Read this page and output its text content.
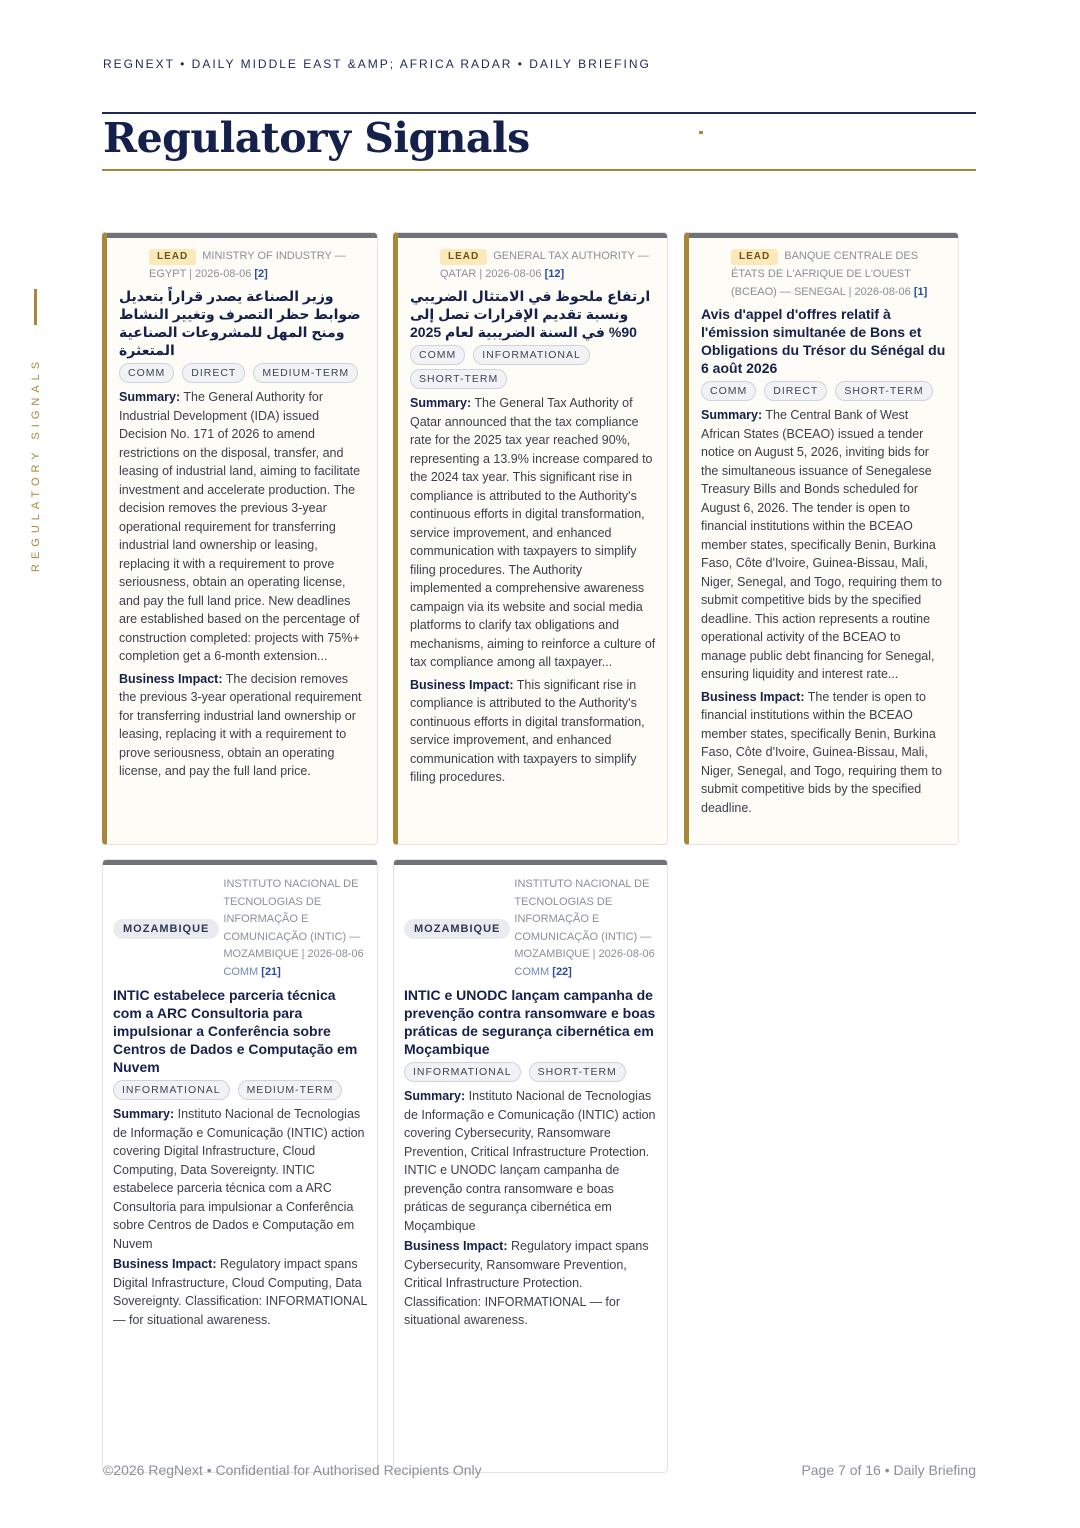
REGNEXT • DAILY MIDDLE EAST &AMP; AFRICA RADAR • DAILY BRIEFING
Regulatory Signals
REGULATORY SIGNALS
LEAD MINISTRY OF INDUSTRY — EGYPT | 2026-08-06 [2]
وزير الصناعة يصدر قراراً بتعديل ضوابط حظر التصرف وتغيير النشاط ومنح المهل للمشروعات الصناعية المتعثرة
COMM	DIRECT	MEDIUM-TERM
Summary: The General Authority for Industrial Development (IDA) issued Decision No. 171 of 2026 to amend restrictions on the disposal, transfer, and leasing of industrial land, aiming to facilitate investment and accelerate production. The decision removes the previous 3-year operational requirement for transferring industrial land ownership or leasing, replacing it with a requirement to prove seriousness, obtain an operating license, and pay the full land price. New deadlines are established based on the percentage of construction completed: projects with 75%+ completion get a 6-month extension...
Business Impact: The decision removes the previous 3-year operational requirement for transferring industrial land ownership or leasing, replacing it with a requirement to prove seriousness, obtain an operating license, and pay the full land price.
LEAD GENERAL TAX AUTHORITY — QATAR | 2026-08-06 [12]
ارتفاع ملحوظ في الامتثال الضريبي ونسبة تقديم الإقرارات تصل إلى 90% في السنة الضريبية لعام 2025
COMM	INFORMATIONAL
SHORT-TERM
Summary: The General Tax Authority of Qatar announced that the tax compliance rate for the 2025 tax year reached 90%, representing a 13.9% increase compared to the 2024 tax year. This significant rise in compliance is attributed to the Authority's continuous efforts in digital transformation, service improvement, and enhanced communication with taxpayers to simplify filing procedures. The Authority implemented a comprehensive awareness campaign via its website and social media platforms to clarify tax obligations and mechanisms, aiming to reinforce a culture of tax compliance among all taxpayer...
Business Impact: This significant rise in compliance is attributed to the Authority's continuous efforts in digital transformation, service improvement, and enhanced communication with taxpayers to simplify filing procedures.
LEAD BANQUE CENTRALE DES ÉTATS DE L'AFRIQUE DE L'OUEST (BCEAO) — SENEGAL | 2026-08-06 [1]
Avis d'appel d'offres relatif à l'émission simultanée de Bons et Obligations du Trésor du Sénégal du 6 août 2026
COMM	DIRECT	SHORT-TERM
Summary: The Central Bank of West African States (BCEAO) issued a tender notice on August 5, 2026, inviting bids for the simultaneous issuance of Senegalese Treasury Bills and Bonds scheduled for August 6, 2026. The tender is open to financial institutions within the BCEAO member states, specifically Benin, Burkina Faso, Côte d'Ivoire, Guinea-Bissau, Mali, Niger, Senegal, and Togo, requiring them to submit competitive bids by the specified deadline. This action represents a routine operational activity of the BCEAO to manage public debt financing for Senegal, ensuring liquidity and interest rate...
Business Impact: The tender is open to financial institutions within the BCEAO member states, specifically Benin, Burkina Faso, Côte d'Ivoire, Guinea-Bissau, Mali, Niger, Senegal, and Togo, requiring them to submit competitive bids by the specified deadline.
MOZAMBIQUE
INSTITUTO NACIONAL DE TECNOLOGIAS DE INFORMAÇÃO E COMUNICAÇÃO (INTIC) — MOZAMBIQUE | 2026-08-06 COMM [21]
INTIC estabelece parceria técnica com a ARC Consultoria para impulsionar a Conferência sobre Centros de Dados e Computação em Nuvem
INFORMATIONAL	MEDIUM-TERM
Summary: Instituto Nacional de Tecnologias de Informação e Comunicação (INTIC) action covering Digital Infrastructure, Cloud Computing, Data Sovereignty. INTIC estabelece parceria técnica com a ARC Consultoria para impulsionar a Conferência sobre Centros de Dados e Computação em Nuvem
Business Impact: Regulatory impact spans Digital Infrastructure, Cloud Computing, Data Sovereignty. Classification: INFORMATIONAL — for situational awareness.
MOZAMBIQUE
INSTITUTO NACIONAL DE TECNOLOGIAS DE INFORMAÇÃO E COMUNICAÇÃO (INTIC) — MOZAMBIQUE | 2026-08-06 COMM [22]
INTIC e UNODC lançam campanha de prevenção contra ransomware e boas práticas de segurança cibernética em Moçambique
INFORMATIONAL	SHORT-TERM
Summary: Instituto Nacional de Tecnologias de Informação e Comunicação (INTIC) action covering Cybersecurity, Ransomware Prevention, Critical Infrastructure Protection. INTIC e UNODC lançam campanha de prevenção contra ransomware e boas práticas de segurança cibernética em Moçambique
Business Impact: Regulatory impact spans Cybersecurity, Ransomware Prevention, Critical Infrastructure Protection. Classification: INFORMATIONAL — for situational awareness.
©2026 RegNext • Confidential for Authorised Recipients Only	Page 7 of 16 • Daily Briefing
